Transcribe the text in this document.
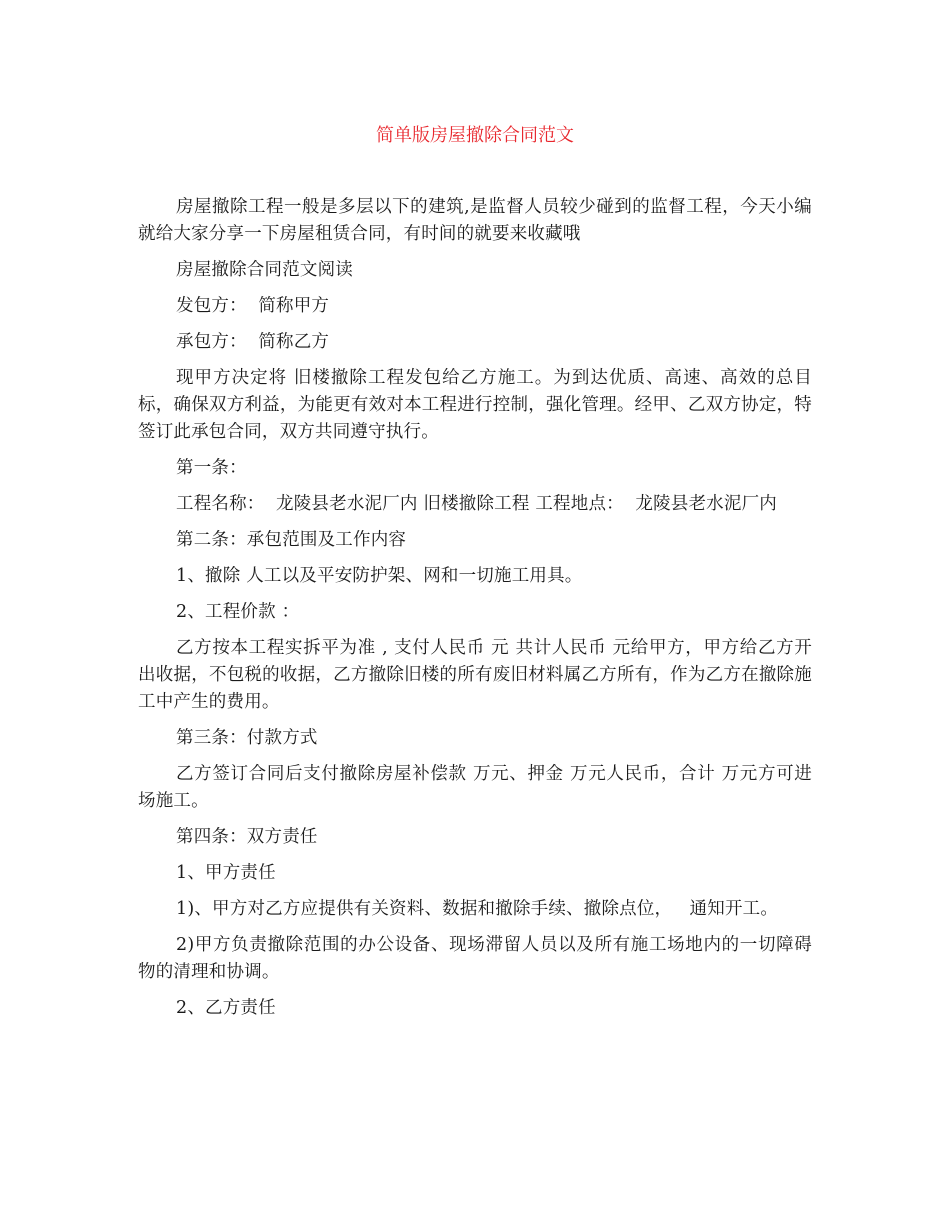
简单版房屋撤除合同范文

房屋撤除工程一般是多层以下的建筑,是监督人员较少碰到的监督工程，今天小编就给大家分享一下房屋租赁合同，有时间的就要来收藏哦

房屋撤除合同范文阅读

发包方：  简称甲方

承包方：  简称乙方

现甲方决定将 旧楼撤除工程发包给乙方施工。为到达优质、高速、高效的总目标，确保双方利益，为能更有效对本工程进行控制，强化管理。经甲、乙双方协定，特签订此承包合同，双方共同遵守执行。

第一条：

工程名称：  龙陵县老水泥厂内 旧楼撤除工程 工程地点：  龙陵县老水泥厂内

第二条：承包范围及工作内容

1、撤除 人工以及平安防护架、网和一切施工用具。

2、工程价款 ：

乙方按本工程实拆平为准 , 支付人民币 元 共计人民币 元给甲方，甲方给乙方开出收据，不包税的收据，乙方撤除旧楼的所有废旧材料属乙方所有，作为乙方在撤除施工中产生的费用。

第三条：付款方式

乙方签订合同后支付撤除房屋补偿款 万元、押金 万元人民币，合计 万元方可进场施工。

第四条：双方责任

1、甲方责任

1)、甲方对乙方应提供有关资料、数据和撤除手续、撤除点位，   通知开工。

2)甲方负责撤除范围的办公设备、现场滞留人员以及所有施工场地内的一切障碍物的清理和协调。

2、乙方责任
